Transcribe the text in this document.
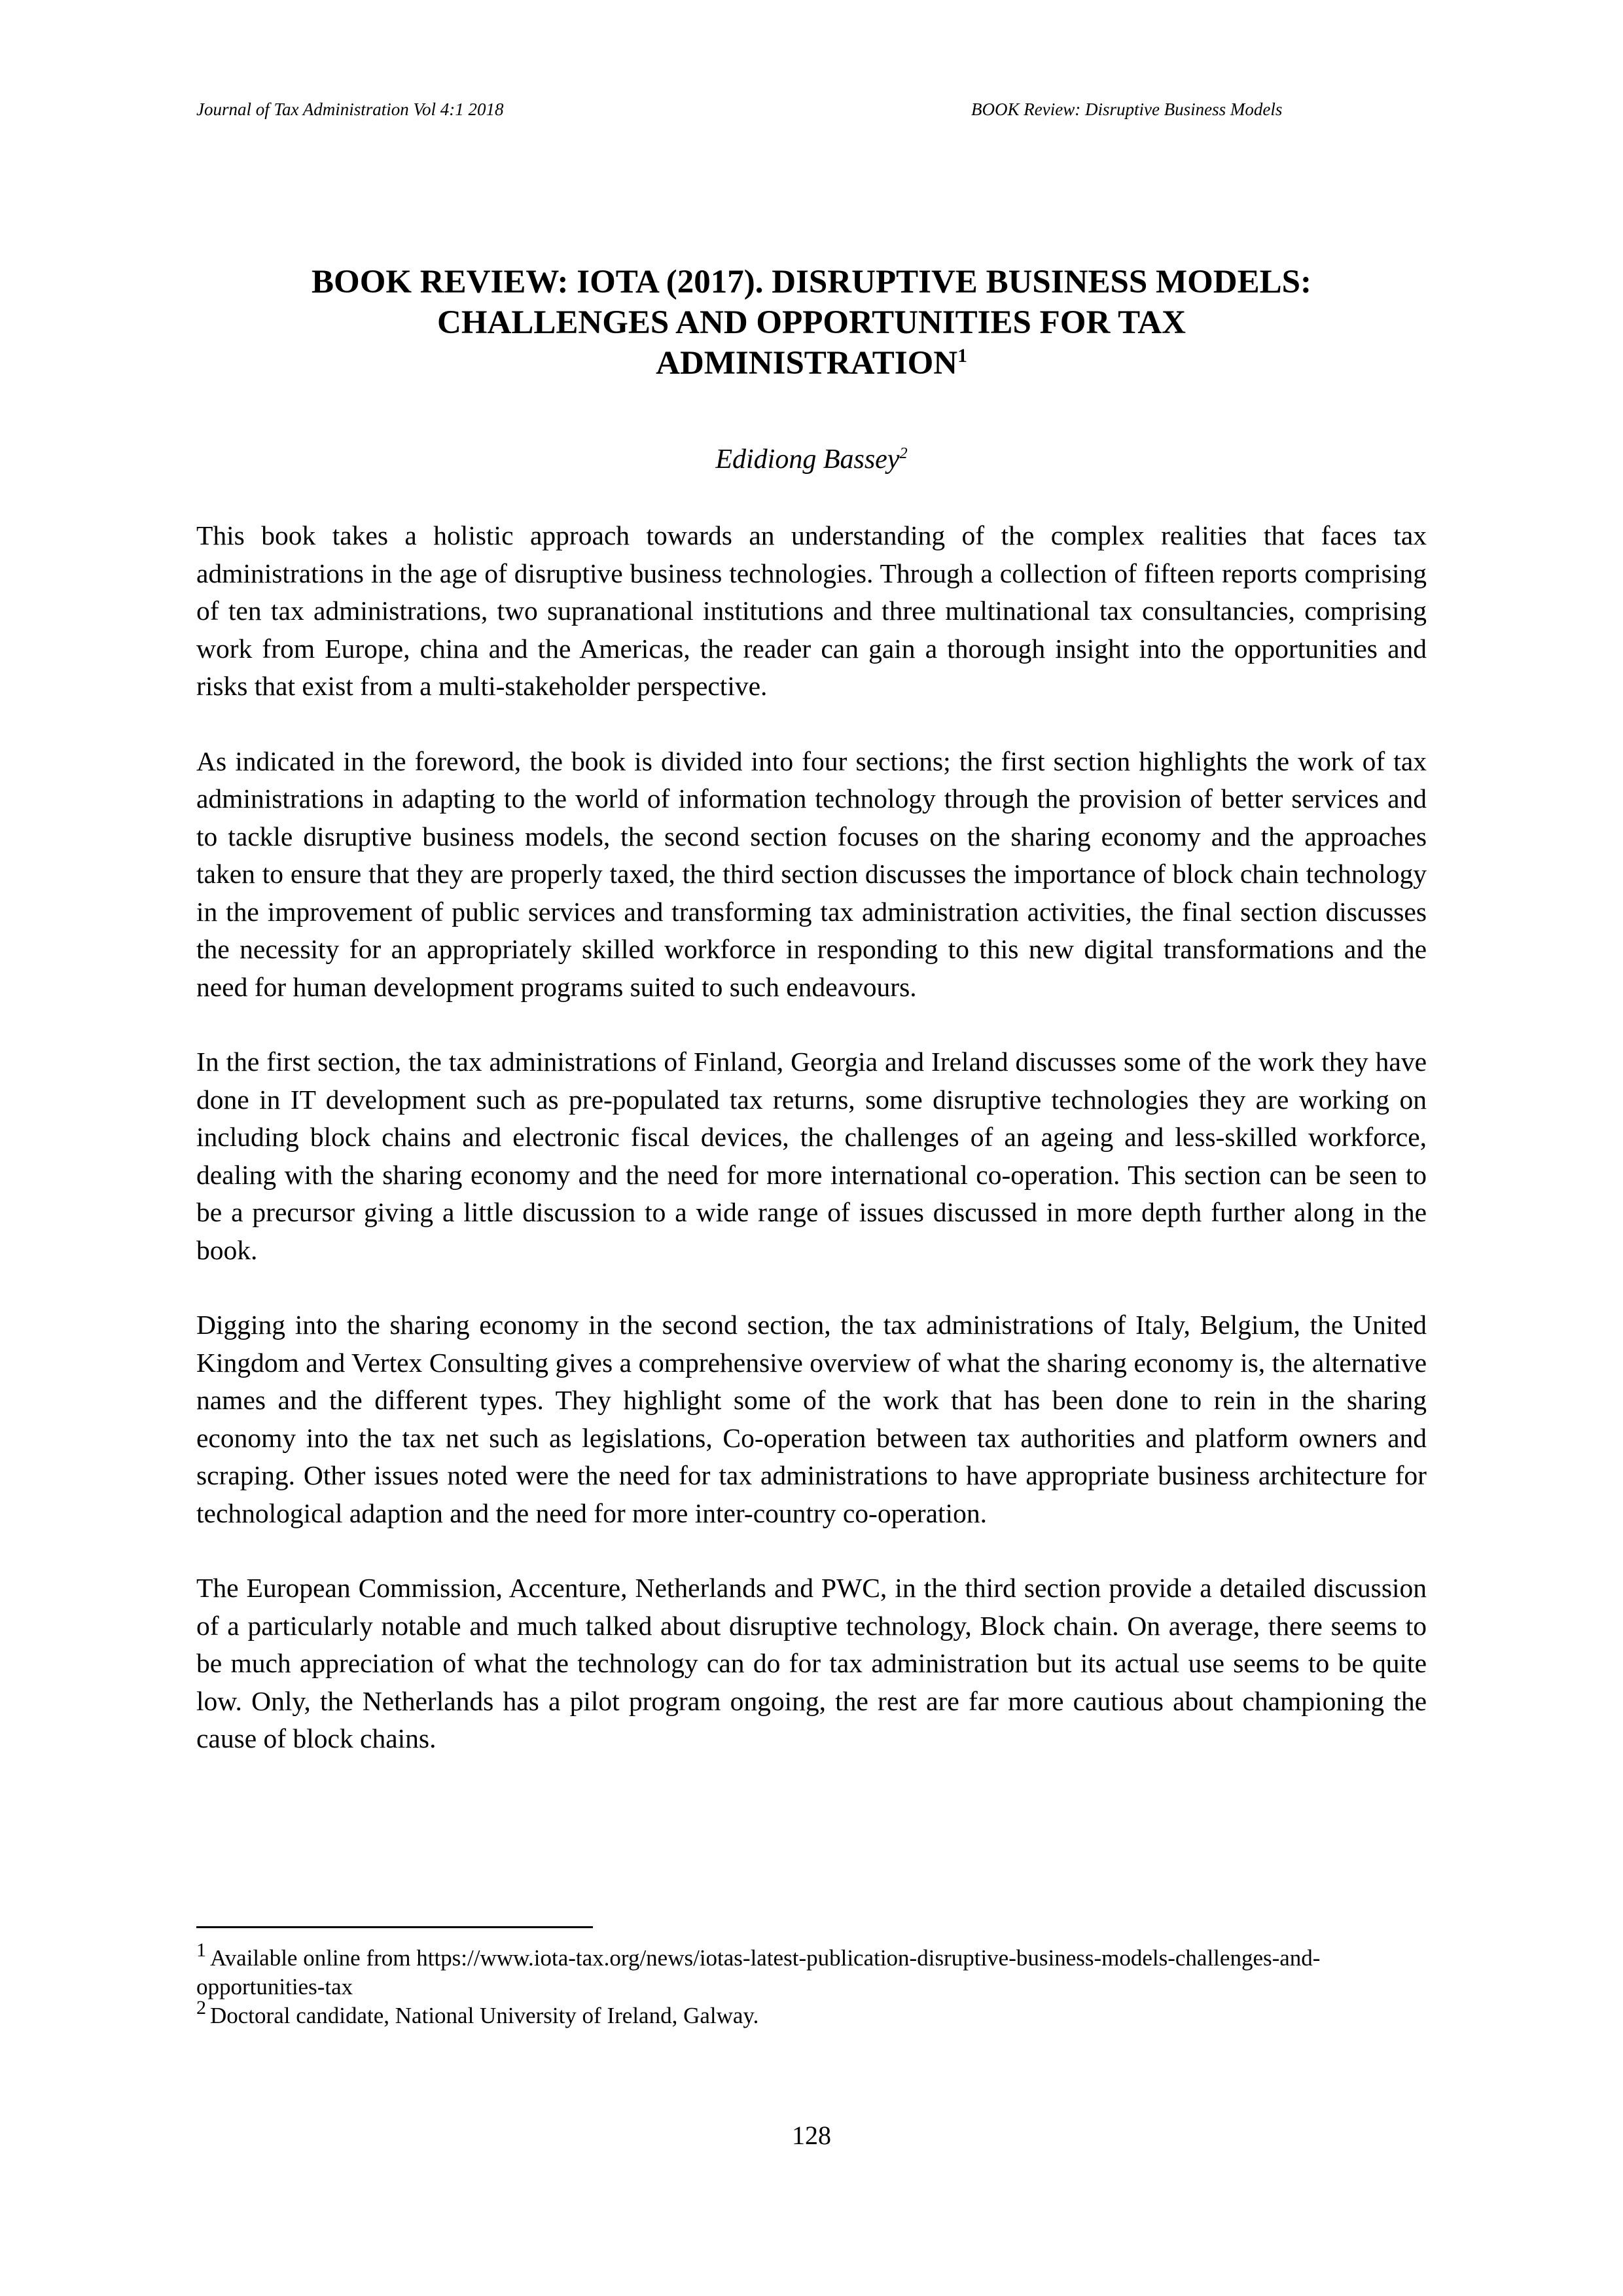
Journal of Tax Administration Vol 4:1 2018	BOOK Review: Disruptive Business Models
BOOK REVIEW: IOTA (2017). DISRUPTIVE BUSINESS MODELS:
CHALLENGES AND OPPORTUNITIES FOR TAX
ADMINISTRATION$^1$
Edidiong Bassey$^2$

This book takes a holistic approach towards an understanding of the complex realities that faces tax administrations in the age of disruptive business technologies. Through a collection of fifteen reports comprising of ten tax administrations, two supranational institutions and three multinational tax consultancies, comprising work from Europe, china and the Americas, the reader can gain a thorough insight into the opportunities and risks that exist from a multi-stakeholder perspective.

As indicated in the foreword, the book is divided into four sections; the first section highlights the work of tax administrations in adapting to the world of information technology through the provision of better services and to tackle disruptive business models, the second section focuses on the sharing economy and the approaches taken to ensure that they are properly taxed, the third section discusses the importance of block chain technology in the improvement of public services and transforming tax administration activities, the final section discusses the necessity for an appropriately skilled workforce in responding to this new digital transformations and the need for human development programs suited to such endeavours.

In the first section, the tax administrations of Finland, Georgia and Ireland discusses some of the work they have done in IT development such as pre-populated tax returns, some disruptive technologies they are working on including block chains and electronic fiscal devices, the challenges of an ageing and less-skilled workforce, dealing with the sharing economy and the need for more international co-operation. This section can be seen to be a precursor giving a little discussion to a wide range of issues discussed in more depth further along in the book.

Digging into the sharing economy in the second section, the tax administrations of Italy, Belgium, the United Kingdom and Vertex Consulting gives a comprehensive overview of what the sharing economy is, the alternative names and the different types. They highlight some of the work that has been done to rein in the sharing economy into the tax net such as legislations, Co-operation between tax authorities and platform owners and scraping. Other issues noted were the need for tax administrations to have appropriate business architecture for technological adaption and the need for more inter-country co-operation.

The European Commission, Accenture, Netherlands and PWC, in the third section provide a detailed discussion of a particularly notable and much talked about disruptive technology, Block chain. On average, there seems to be much appreciation of what the technology can do for tax administration but its actual use seems to be quite low. Only, the Netherlands has a pilot program ongoing, the rest are far more cautious about championing the cause of block chains.

1 Available online from https://www.iota-tax.org/news/iotas-latest-publication-disruptive-business-models-challenges-and-opportunities-tax

2 Doctoral candidate, National University of Ireland, Galway.

128
